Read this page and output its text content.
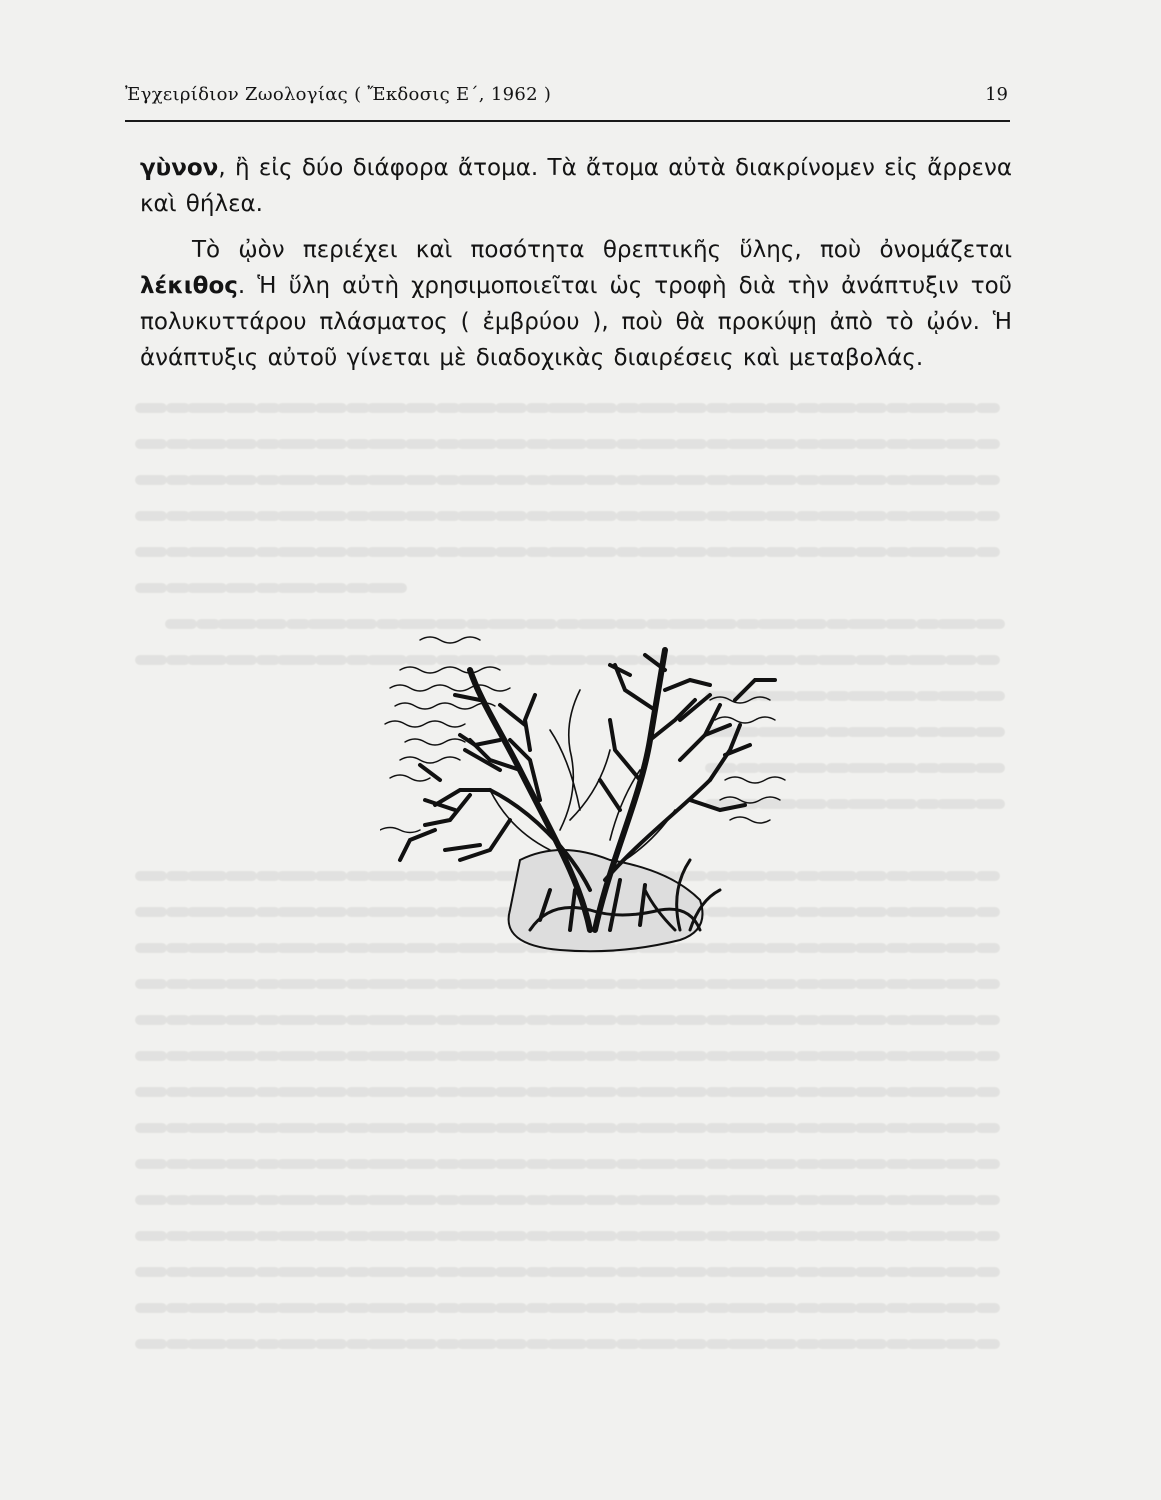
Ἐγχειρίδιον Ζωολογίας ( Ἔκδοσις Ε΄, 1962 )	19

γὺνον, ἢ εἰς δύο διάφορα ἄτομα. Τὰ ἄτομα αὐτὰ διακρίνομεν εἰς ἄρρενα καὶ θήλεα.

Τὸ ᾠὸν περιέχει καὶ ποσότητα θρεπτικῆς ὕλης, ποὺ ὀνομάζεται λέκιθος. Ἡ ὕλη αὐτὴ χρησιμοποιεῖται ὡς τροφὴ διὰ τὴν ἀνάπτυξιν τοῦ πολυκυττάρου πλάσματος ( ἐμβρύου ), ποὺ θὰ προκύψῃ ἀπὸ τὸ ᾠόν. Ἡ ἀνάπτυξις αὐτοῦ γίνεται μὲ διαδοχικὰς διαιρέσεις καὶ μεταβολάς.
